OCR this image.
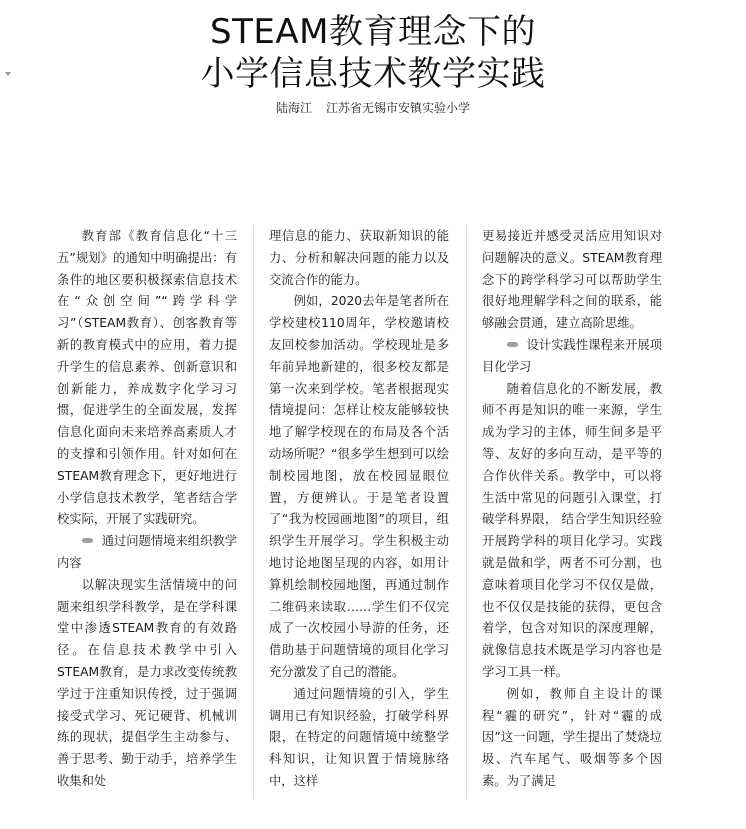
STEAM教育理念下的
小学信息技术教学实践
陆海江 江苏省无锡市安镇实验小学

教育部《教育信息化“十三五”规划》的通知中明确提出：有条件的地区要积极探索信息技术在“众创空间”“跨学科学习”（STEAM教育）、创客教育等新的教育模式中的应用，着力提升学生的信息素养、创新意识和创新能力，养成数字化学习习惯，促进学生的全面发展，发挥信息化面向未来培养高素质人才的支撑和引领作用。针对如何在STEAM教育理念下，更好地进行小学信息技术教学，笔者结合学校实际，开展了实践研究。

通过问题情境来组织教学内容

以解决现实生活情境中的问题来组织学科教学，是在学科课堂中渗透STEAM教育的有效路径。在信息技术教学中引入STEAM教育，是力求改变传统教学过于注重知识传授，过于强调接受式学习、死记硬背、机械训练的现状，提倡学生主动参与、善于思考、勤于动手，培养学生收集和处

理信息的能力、获取新知识的能力、分析和解决问题的能力以及交流合作的能力。

例如，2020去年是笔者所在学校建校110周年，学校邀请校友回校参加活动。学校现址是多年前异地新建的，很多校友都是第一次来到学校。笔者根据现实情境提问：怎样让校友能够较快地了解学校现在的布局及各个活动场所呢？“很多学生想到可以绘制校园地图，放在校园显眼位置，方便辨认。于是笔者设置了“我为校园画地图”的项目，组织学生开展学习。学生积极主动地讨论地图呈现的内容，如用计算机绘制校园地图，再通过制作二维码来读取……学生们不仅完成了一次校园小导游的任务，还借助基于问题情境的项目化学习充分激发了自己的潜能。

通过问题情境的引入，学生调用已有知识经验，打破学科界限，在特定的问题情境中统整学科知识，让知识置于情境脉络中，这样

更易接近并感受灵活应用知识对问题解决的意义。STEAM教育理念下的跨学科学习可以帮助学生很好地理解学科之间的联系，能够融会贯通，建立高阶思维。

设计实践性课程来开展项目化学习

随着信息化的不断发展，教师不再是知识的唯一来源，学生成为学习的主体，师生间多是平等、友好的多向互动，是平等的合作伙伴关系。教学中，可以将生活中常见的问题引入课堂，打破学科界限， 结合学生知识经验开展跨学科的项目化学习。实践就是做和学，两者不可分割，也意味着项目化学习不仅仅是做，也不仅仅是技能的获得，更包含着学，包含对知识的深度理解，就像信息技术既是学习内容也是学习工具一样。

例如，教师自主设计的课程“霾的研究”，针对“霾的成因”这一问题，学生提出了焚烧垃圾、汽车尾气、吸烟等多个因素。为了满足
